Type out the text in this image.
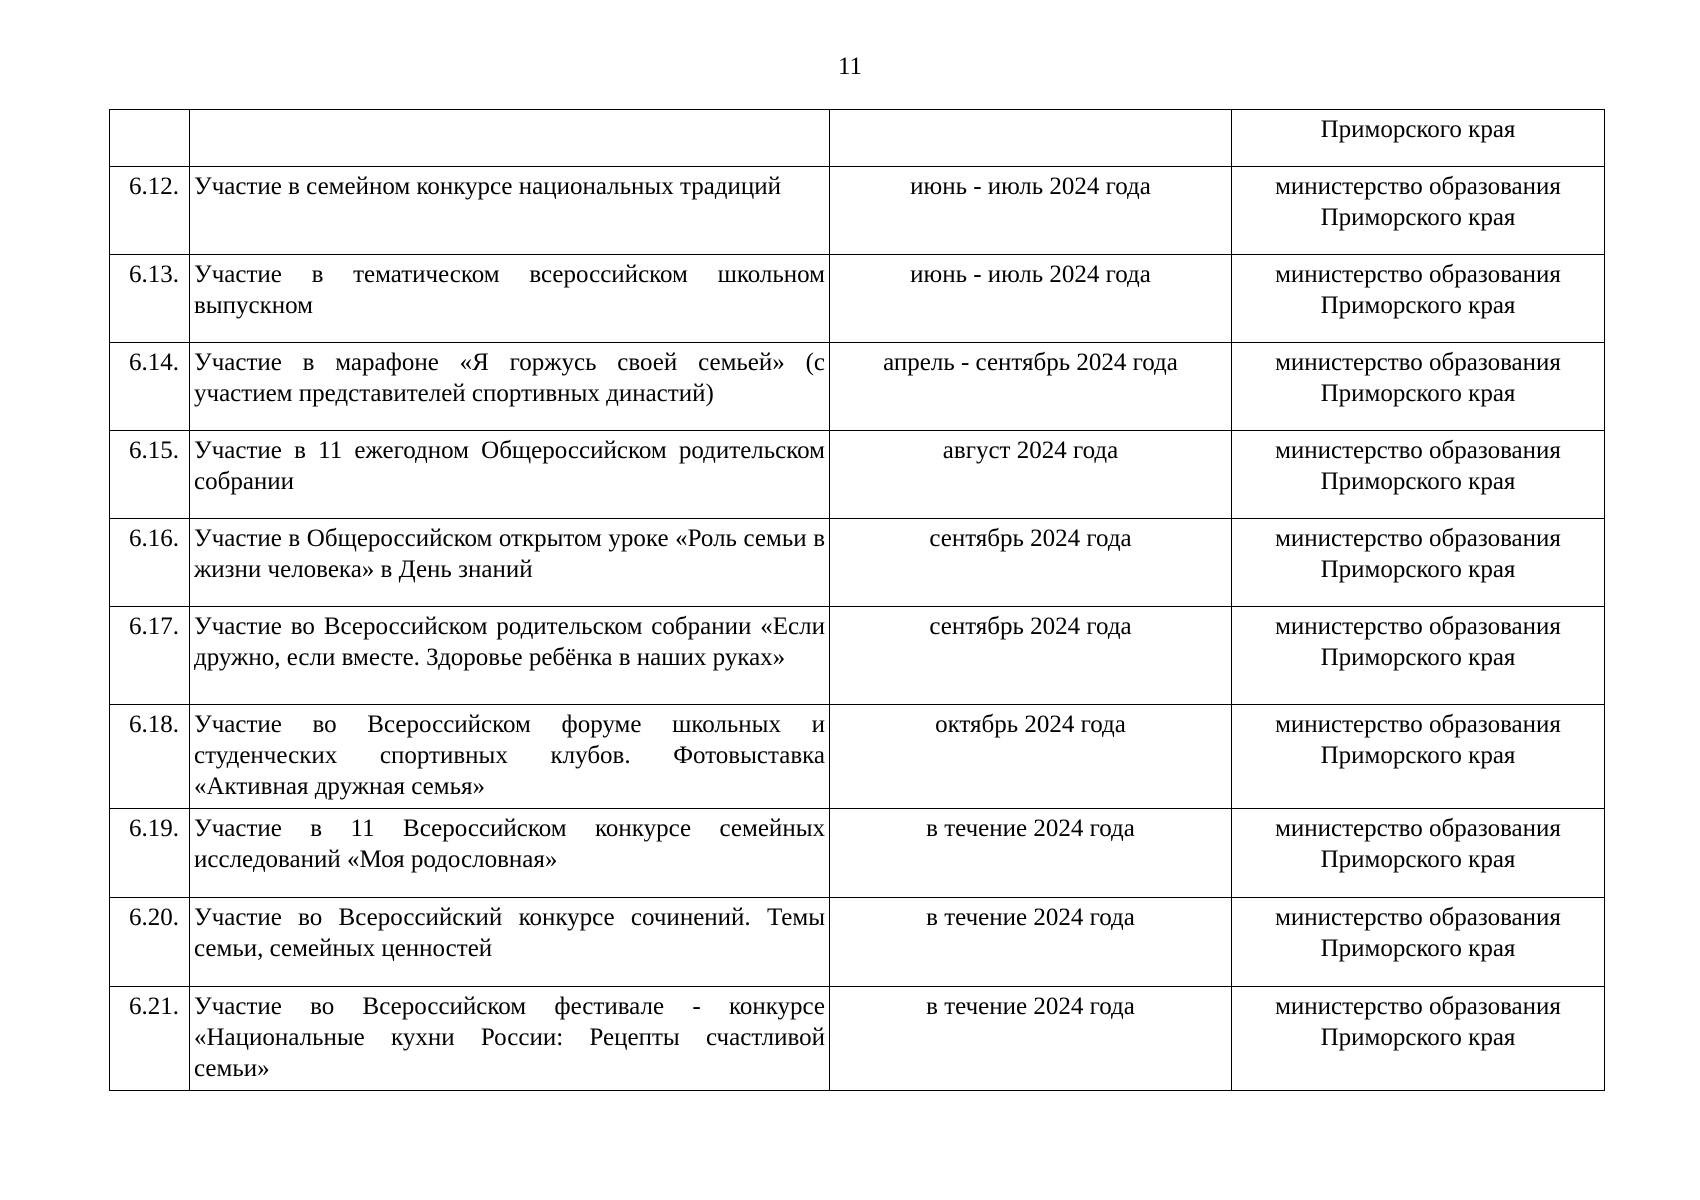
11
			Приморского края
6.12.	Участие в семейном конкурсе национальных традиций	июнь - июль 2024 года	министерство образования
Приморского края

6.13.	Участие в тематическом всероссийском школьном выпускном	июнь - июль 2024 года	министерство образования
Приморского края

6.14.	Участие в марафоне «Я горжусь своей семьей» (с участием представителей спортивных династий)	апрель - сентябрь 2024 года	министерство образования
Приморского края

6.15.	Участие в 11 ежегодном Общероссийском родительском собрании	август 2024 года	министерство образования
Приморского края

6.16.	Участие в Общероссийском открытом уроке «Роль семьи в жизни человека» в День знаний	сентябрь 2024 года	министерство образования
Приморского края

6.17.	Участие во Всероссийском родительском собрании «Если дружно, если вместе. Здоровье ребёнка в наших руках»	сентябрь 2024 года	министерство образования
Приморского края

6.18.	Участие во Всероссийском форуме школьных и студенческих спортивных клубов. Фотовыставка «Активная дружная семья»	октябрь 2024 года	министерство образования
Приморского края

6.19.	Участие в 11 Всероссийском конкурсе семейных исследований «Моя родословная»	в течение 2024 года	министерство образования
Приморского края

6.20.	Участие во Всероссийский конкурсе сочинений. Темы семьи, семейных ценностей	в течение 2024 года	министерство образования
Приморского края

6.21.	Участие во Всероссийском фестивале - конкурсе «Национальные кухни России: Рецепты счастливой семьи»	в течение 2024 года	министерство образования
Приморского края
